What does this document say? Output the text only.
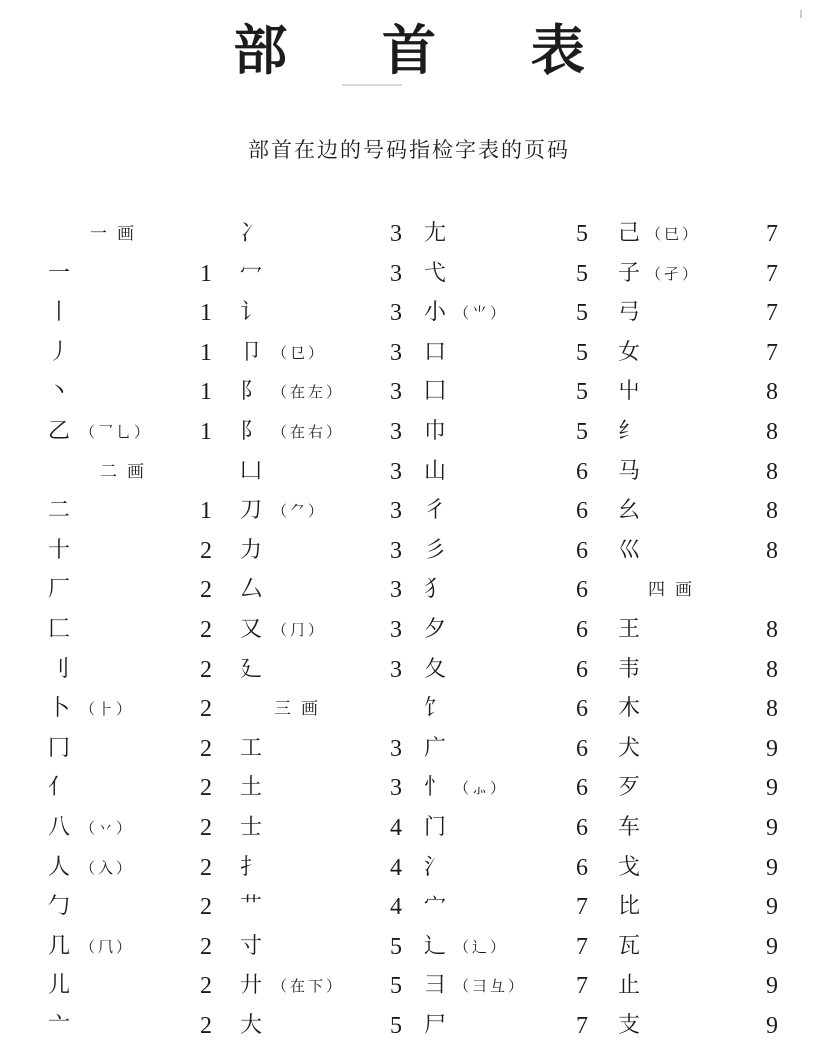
部 首 表
部首在边的号码指检字表的页码
一画
一	1
丨	1
丿	1
丶	1
乙 （乛乚） 1
二画
二	1
十	2
厂	2
匚	2
刂	2
卜 （⺊）	2
冂	2
亻	2
八 （丷）	2
人 （入）	2
勹	2
几 （⺇）	2
儿	2
亠	2
冫	3
冖	3
讠	3
卩 （㔾）	3
阝 （在左） 3
阝 （在右） 3
凵	3
刀 （⺈）	3
力	3
厶	3
又 （⺆）	3
廴	3
三画
工	3
土	3
士	4
扌	4
艹	4
寸	5
廾 （在下） 5
大	5
尢	5
弋	5
小 （⺌）	5
口	5
囗	5
巾	5
山	6
彳	6
彡	6
犭	6
夕	6
夂	6
饣	6
广	6
忄 （⺗）	6
门	6
氵	6
宀	7
辶 （辶）	7
彐 （⺕彑） 7
尸	7
己 （巳）	7
子 （孑）	7
弓	7
女	7
屮	8
纟	8
马	8
幺	8
巛	8
四画
王	8
韦	8
木	8
犬	9
歹	9
车	9
戈	9
比	9
瓦	9
止	9
支	9
